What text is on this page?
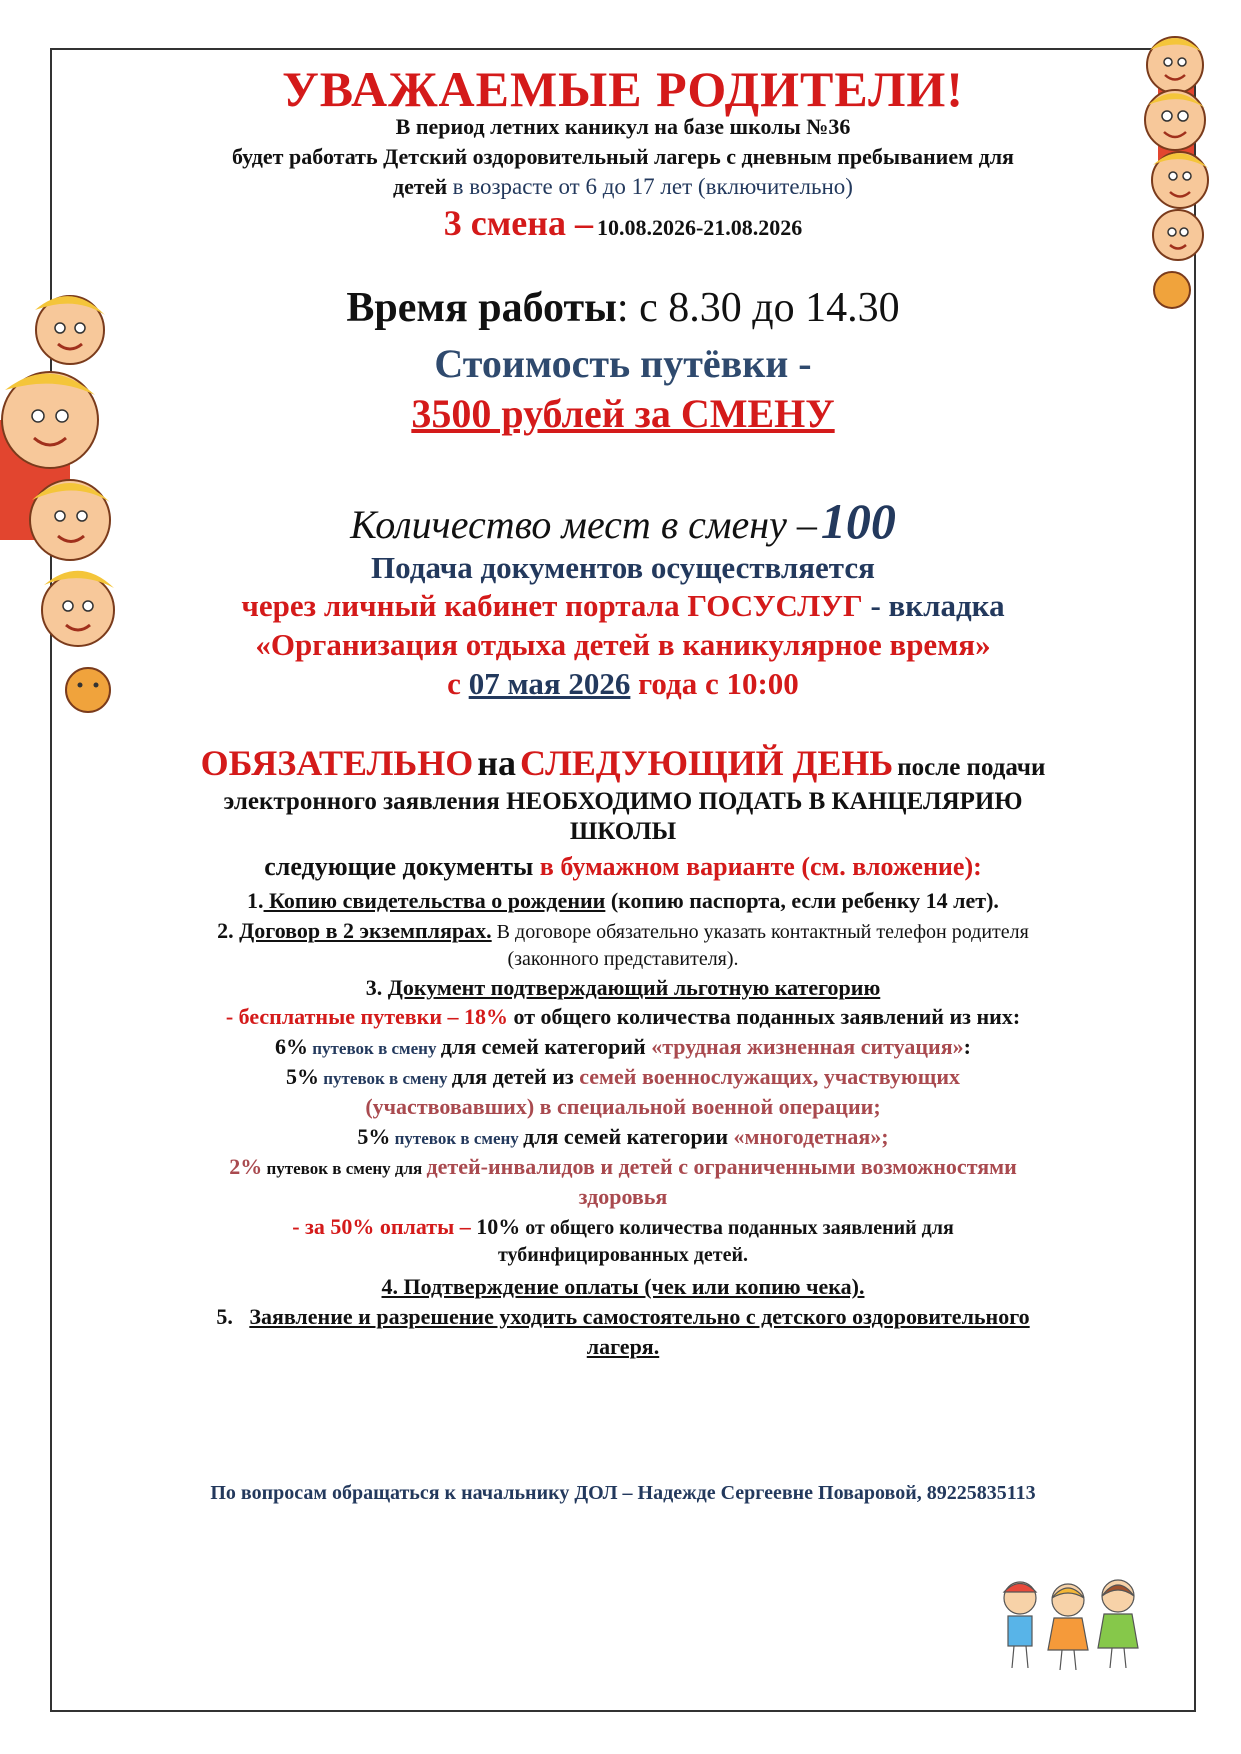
УВАЖАЕМЫЕ РОДИТЕЛИ!
В период летних каникул на базе школы №36
будет работать Детский оздоровительный лагерь с дневным пребыванием для
детей в возрасте от 6 до 17 лет (включительно)
3 смена – 10.08.2026-21.08.2026
Время работы: с 8.30 до 14.30
Стоимость путёвки -
3500 рублей за СМЕНУ
Количество мест в смену – 100
Подача документов осуществляется
через личный кабинет портала ГОСУСЛУГ - вкладка
«Организация отдыха детей в каникулярное время»
с 07 мая 2026 года с 10:00
ОБЯЗАТЕЛЬНО на СЛЕДУЮЩИЙ ДЕНЬ после подачи
электронного заявления НЕОБХОДИМО ПОДАТЬ В КАНЦЕЛЯРИЮ
ШКОЛЫ
следующие документы в бумажном варианте (см. вложение):
1. Копию свидетельства о рождении (копию паспорта, если ребенку 14 лет).
2. Договор в 2 экземплярах. В договоре обязательно указать контактный телефон родителя
(законного представителя).
3. Документ подтверждающий льготную категорию
- бесплатные путевки – 18% от общего количества поданных заявлений из них:
6% путевок в смену для семей категорий «трудная жизненная ситуация»:
5% путевок в смену для детей из семей военнослужащих, участвующих
(участвовавших) в специальной военной операции;
5% путевок в смену для семей категории «многодетная»;
2% путевок в смену для детей-инвалидов и детей с ограниченными возможностями
здоровья
- за 50% оплаты – 10% от общего количества поданных заявлений для
тубинфицированных детей.
4. Подтверждение оплаты (чек или копию чека).
5. Заявление и разрешение уходить самостоятельно с детского оздоровительного
лагеря.
По вопросам обращаться к начальнику ДОЛ – Надежде Сергеевне Поваровой, 89225835113
